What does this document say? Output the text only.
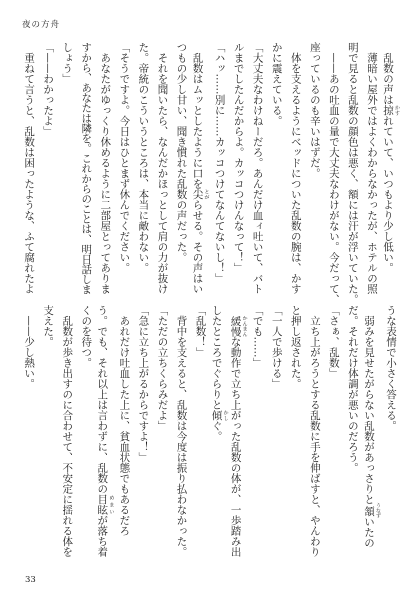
夜の方舟
　乱数の声は掠 かすれていて、いつもより少し低い。
　薄暗い屋外ではよくわからなかったが、ホテルの照
明で見ると乱数の顔色は悪く、額には汗が浮いていた。
　——あの吐血の量で大丈夫なわけがない。今だって、
座っているのも辛いはずだ。
　体を支えるようにベッドについた乱数の腕は、かす
かに震えている。
「大丈夫なわけねーだろ。あんだけ血ィ吐いて、バト
ルまでしたんだからよ。カッコつけんなって！」
「ハッ……別に……カッコつけてなんてないし！」
　乱数はムッとしたように口を尖 とがらせる。その声はい
つもの少し甘い、聞き慣れた乱数の声だった。
　それを聞いたら、なんだかほっとして肩の力が抜け
た。帝統のこういうところは、本当に敵わない。
「そうですよ。今日はひとまず休んでください。
　あなたがゆっくり休めるように二部屋とってありま
すから、あなたは隣を。これからのことは、明日話しま
しょう」
「——わかったよ」
　重ねて言うと、乱数は困ったような、ふて腐れたよ
うな表情で小さく答える。
　弱みを見せたがらない乱数があっさりと頷 うなずいたの
だ。それだけ体調が悪いのだろう。
「さぁ、乱数」
　立ち上がろうとする乱数に手を伸ばすと、やんわり
と押し返された。
「一人で歩ける」
「でも……」
　緩慢 かんまんな動作で立ち上がった乱数の体が、一歩踏み出
したところでぐらりと傾 かしぐ。
「乱数！」
　背中を支えると、乱数は今度は振り払わなかった。
「ただの立ちくらみだよ」
「急に立ち上がるからですよ！」
　あれだけ吐血した上に、貧血状態でもあるだろ
う。でも、それ以上は言わずに、乱数の目眩 めまいが落ち着
くのを待つ。
　乱数が歩き出すのに合わせて、不安定に揺れる体を
支えた。
　——少し熱い。
33
